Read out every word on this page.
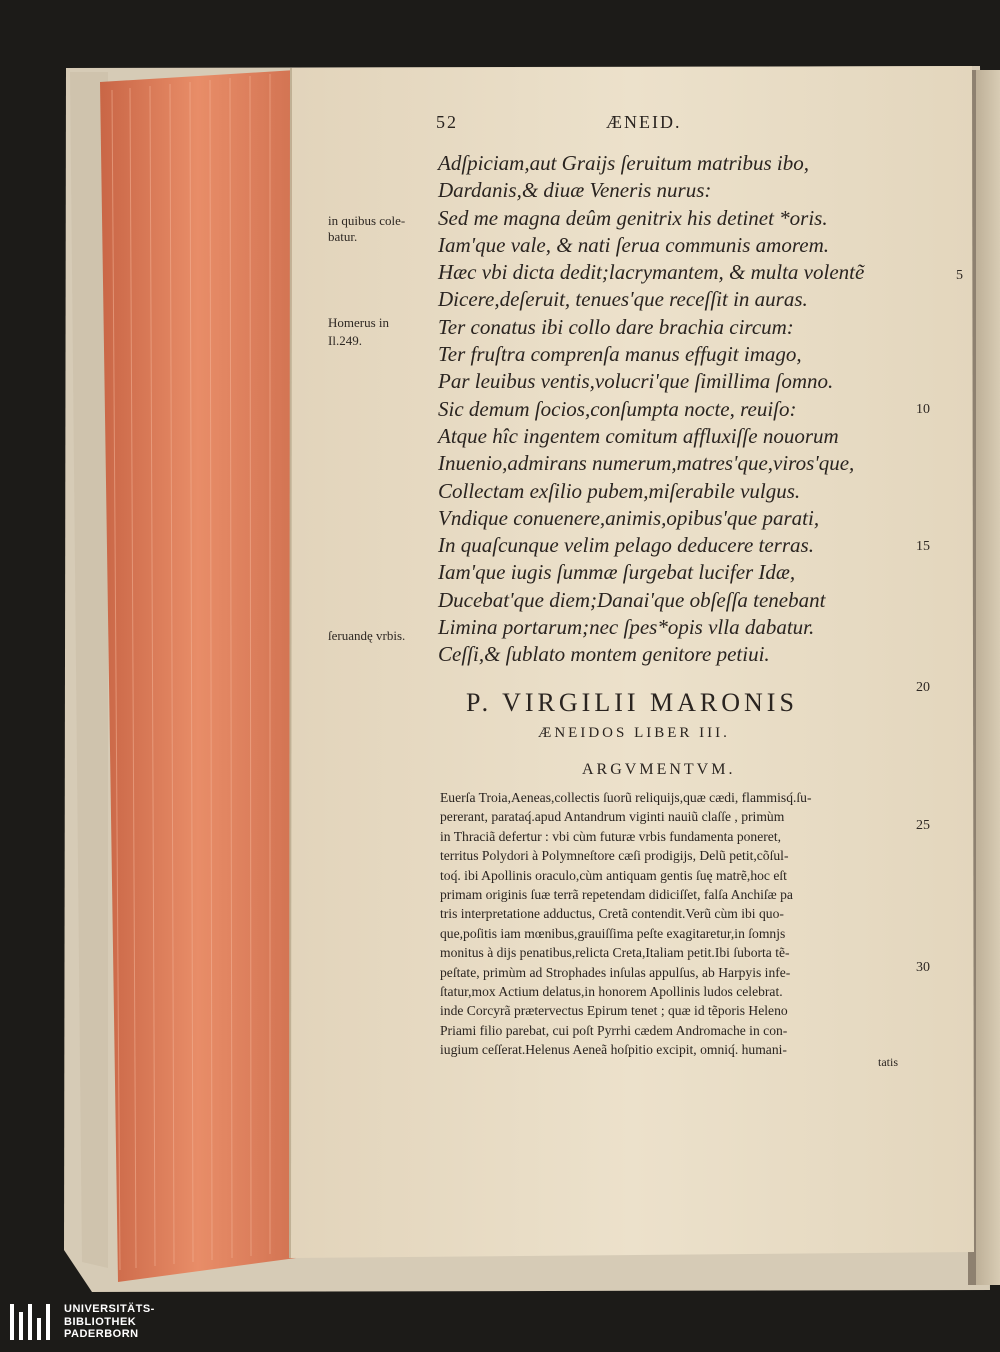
52	ÆNEID.
Adſpiciam,aut Graijs ſeruitum matribus ibo,
Dardanis,& diuæ Veneris nurus:
Sed me magna deûm genitrix his detinet *oris.
Iam'que vale, & nati ſerua communis amorem.
Hæc vbi dicta dedit;lacrymantem, & multa volentẽ
Dicere,deſeruit, tenues'que receſſit in auras.
Ter conatus ibi collo dare brachia circum:
Ter fruſtra comprenſa manus effugit imago,
Par leuibus ventis,volucri'que ſimillima ſomno.
Sic demum ſocios,conſumpta nocte, reuiſo:
Atque hîc ingentem comitum affluxiſſe nouorum
Inuenio,admirans numerum,matres'que,viros'que,
Collectam exſilio pubem,miſerabile vulgus.
Vndique conuenere,animis,opibus'que parati,
In quaſcunque velim pelago deducere terras.
Iam'que iugis ſummæ ſurgebat lucifer Idæ,
Ducebat'que diem;Danai'que obſeſſa tenebant
Limina portarum;nec ſpes*opis vlla dabatur.
Ceſſi,& ſublato montem genitore petiui.
in quibus cole-
batur.
Homerus in
Il.249.
ſeruandę vrbis.
5
10
15
20
25
30
P. VIRGILII MARONIS
ÆNEIDOS LIBER III.
ARGVMENTVM.
Euerſa Troia,Aeneas,collectis ſuorũ reliquijs,quæ cædi, flammisq́.ſu-
pererant, parataq́.apud Antandrum viginti nauiũ claſſe , primùm
in Thraciã defertur : vbi cùm futuræ vrbis fundamenta poneret,
territus Polydori à Polymneſtore cæſi prodigijs, Delũ petit,cõſul-
toq́. ibi Apollinis oraculo,cùm antiquam gentis ſuę matrẽ,hoc eſt
primam originis ſuæ terrã repetendam didiciſſet, falſa Anchiſæ pa
tris interpretatione adductus, Cretã contendit.Verũ cùm ibi quo-
que,poſitis iam mœnibus,grauiſſima peſte exagitaretur,in ſomnjs
monitus à dijs penatibus,relicta Creta,Italiam petit.Ibi ſuborta tẽ-
peſtate, primùm ad Strophades inſulas appulſus, ab Harpyis infe-
ſtatur,mox Actium delatus,in honorem Apollinis ludos celebrat.
inde Corcyrã prætervectus Epirum tenet ; quæ id tẽporis Heleno
Priami filio parebat, cui poſt Pyrrhi cædem Andromache in con-
iugium ceſſerat.Helenus Aeneã hoſpitio excipit, omniq́. humani-
tatis
UNIVERSITÄTS-
BIBLIOTHEK
PADERBORN
